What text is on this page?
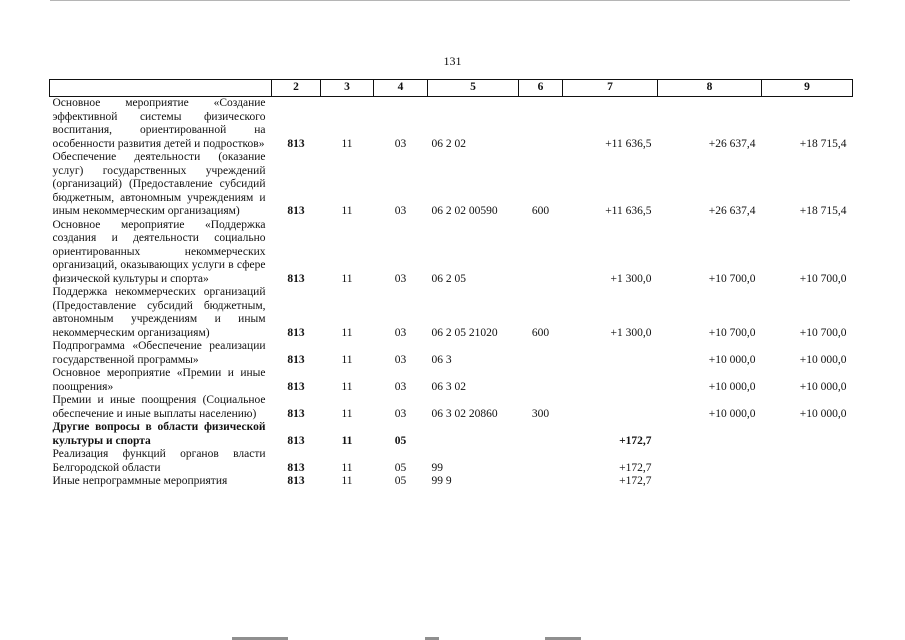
131
	2	3	4	5	6	7	8	9
Основное мероприятие «Создание эффективной системы физического воспитания, ориентированной на особенности развития детей и подростков»	813	11	03	06 2 02		+11 636,5	+26 637,4	+18 715,4
Обеспечение деятельности (оказание услуг) государственных учреждений (организаций) (Предоставление субсидий бюджетным, автономным учреждениям и иным некоммерческим организациям)	813	11	03	06 2 02 00590	600	+11 636,5	+26 637,4	+18 715,4
Основное мероприятие «Поддержка создания и деятельности социально ориентированных некоммерческих организаций, оказывающих услуги в сфере физической культуры и спорта»	813	11	03	06 2 05		+1 300,0	+10 700,0	+10 700,0
Поддержка некоммерческих организаций (Предоставление субсидий бюджетным, автономным учреждениям и иным некоммерческим организациям)	813	11	03	06 2 05 21020	600	+1 300,0	+10 700,0	+10 700,0
Подпрограмма «Обеспечение реализации государственной программы»	813	11	03	06 3			+10 000,0	+10 000,0
Основное мероприятие «Премии и иные поощрения»	813	11	03	06 3 02			+10 000,0	+10 000,0
Премии и иные поощрения (Социальное обеспечение и иные выплаты населению)	813	11	03	06 3 02 20860	300		+10 000,0	+10 000,0
Другие вопросы в области физической культуры и спорта	813	11	05			+172,7		
Реализация функций органов власти Белгородской области	813	11	05	99		+172,7		
Иные непрограммные мероприятия	813	11	05	99 9		+172,7		
